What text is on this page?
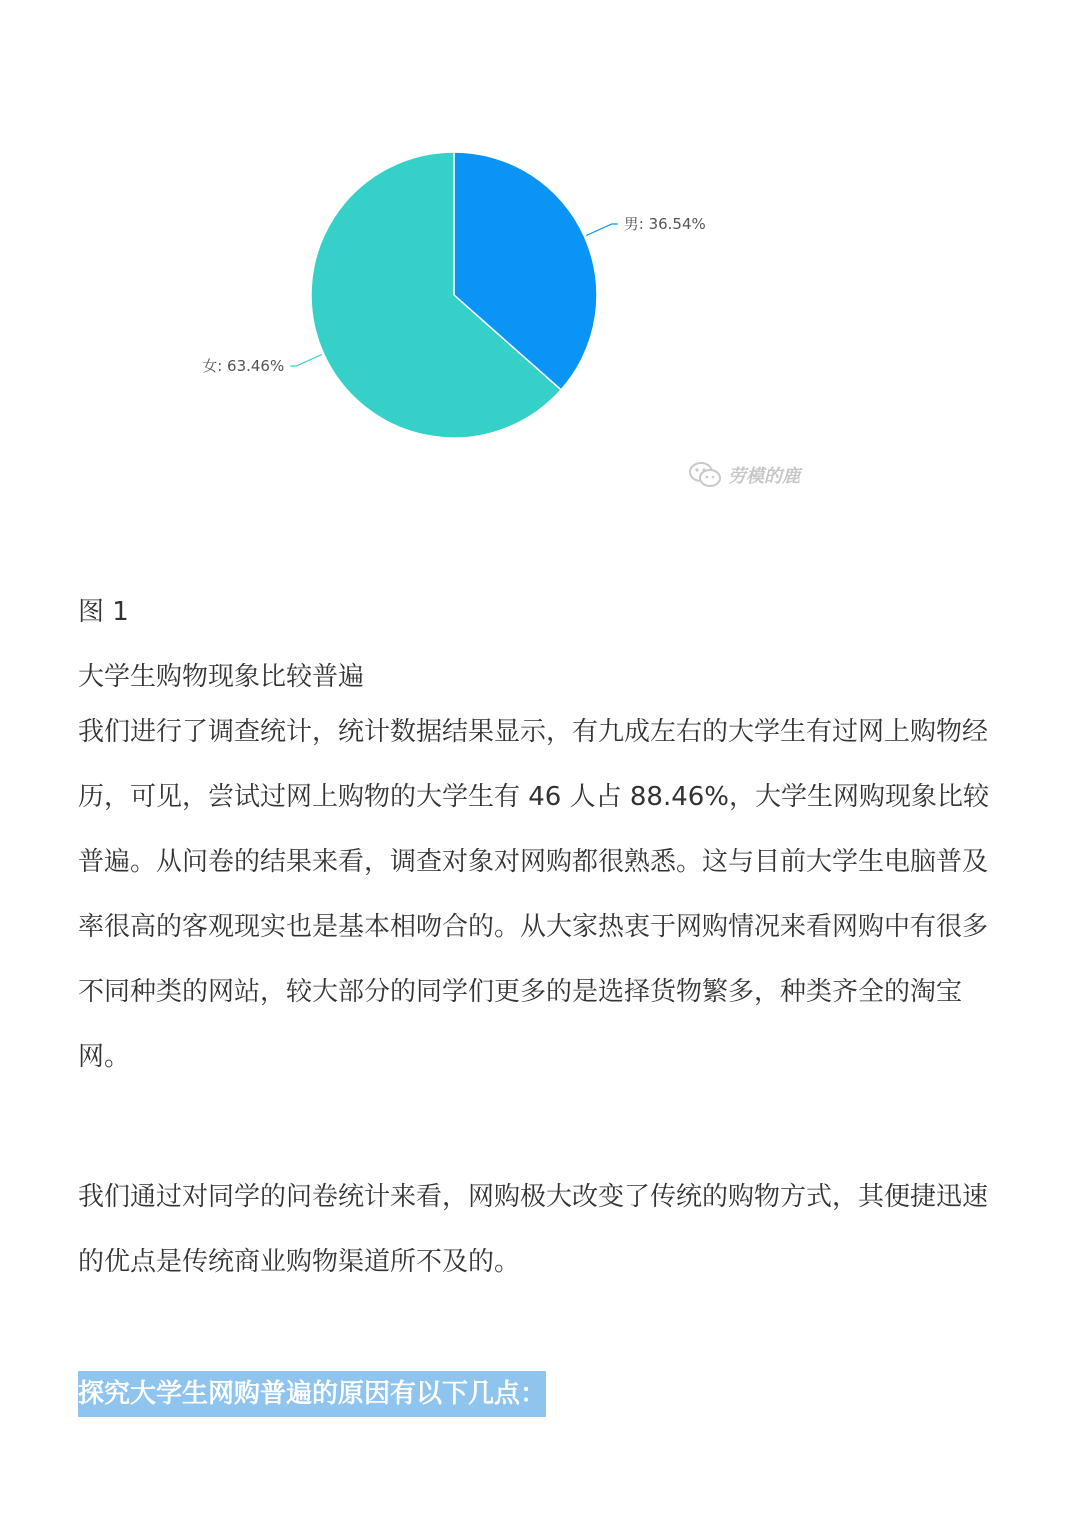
男: 36.54%
女: 63.46%
劳模的鹿

图 1

大学生购物现象比较普遍

我们进行了调查统计，统计数据结果显示，有九成左右的大学生有过网上购物经历，可见，尝试过网上购物的大学生有 46 人占 88.46%，大学生网购现象比较普遍。从问卷的结果来看，调查对象对网购都很熟悉。这与目前大学生电脑普及率很高的客观现实也是基本相吻合的。从大家热衷于网购情况来看网购中有很多不同种类的网站，较大部分的同学们更多的是选择货物繁多，种类齐全的淘宝网。

我们通过对同学的问卷统计来看，网购极大改变了传统的购物方式，其便捷迅速的优点是传统商业购物渠道所不及的。

探究大学生网购普遍的原因有以下几点：
